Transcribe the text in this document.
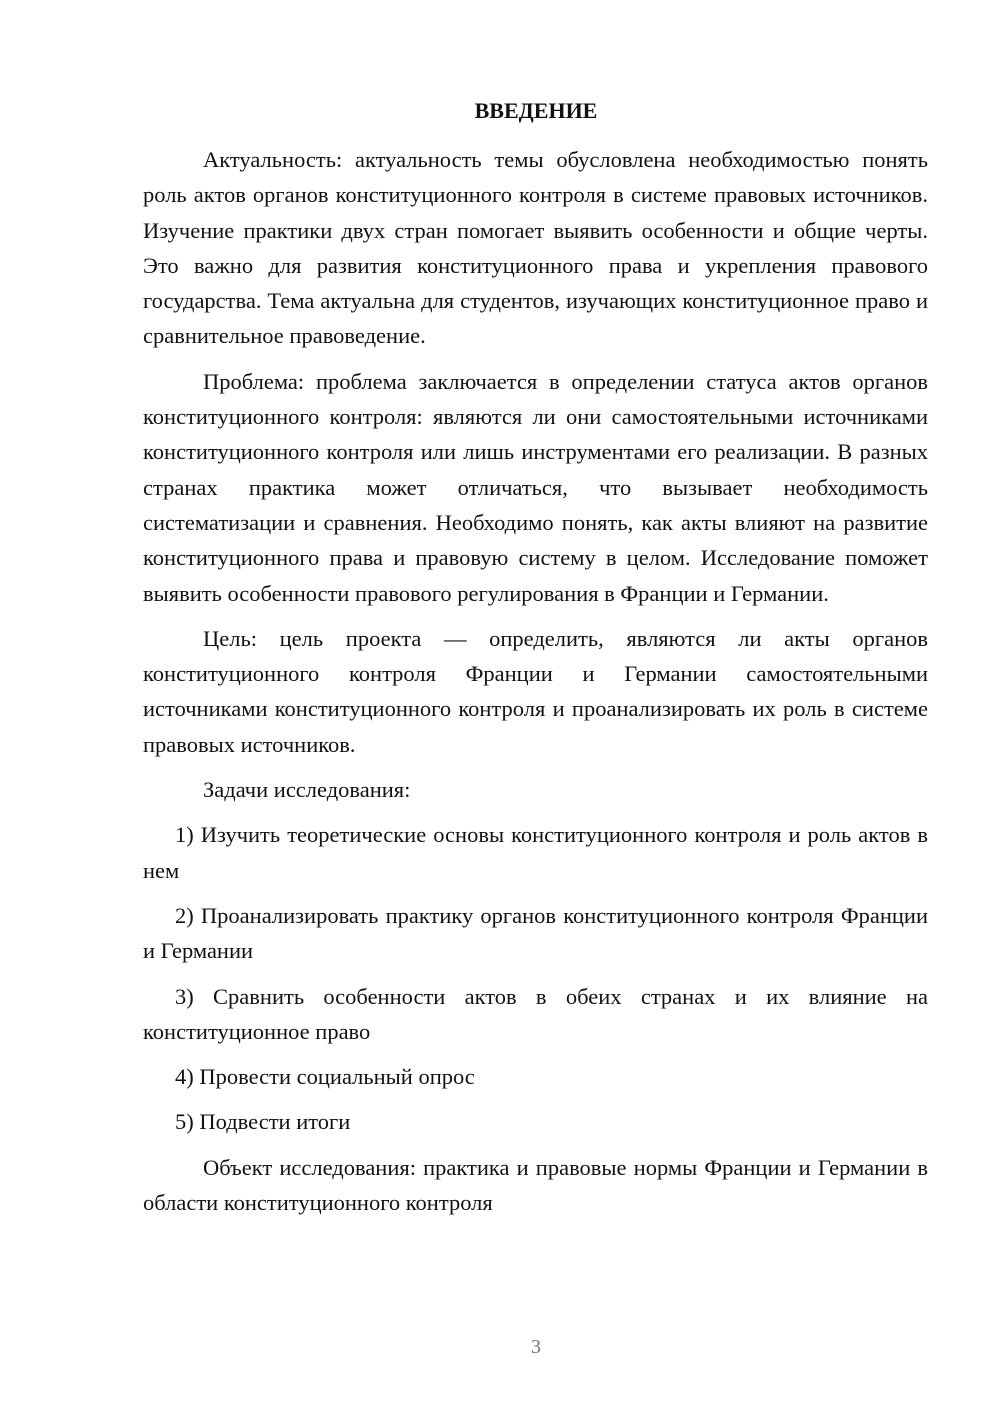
ВВЕДЕНИЕ

Актуальность: актуальность темы обусловлена необходимостью понять роль актов органов конституционного контроля в системе правовых источников. Изучение практики двух стран помогает выявить особенности и общие черты. Это важно для развития конституционного права и укрепления правового государства. Тема актуальна для студентов, изучающих конституционное право и сравнительное правоведение.

Проблема: проблема заключается в определении статуса актов органов конституционного контроля: являются ли они самостоятельными источниками конституционного контроля или лишь инструментами его реализации. В разных странах практика может отличаться, что вызывает необходимость систематизации и сравнения. Необходимо понять, как акты влияют на развитие конституционного права и правовую систему в целом. Исследование поможет выявить особенности правового регулирования в Франции и Германии.

Цель: цель проекта — определить, являются ли акты органов конституционного контроля Франции и Германии самостоятельными источниками конституционного контроля и проанализировать их роль в системе правовых источников.

Задачи исследования:

1) Изучить теоретические основы конституционного контроля и роль актов в нем

2) Проанализировать практику органов конституционного контроля Франции и Германии

3) Сравнить особенности актов в обеих странах и их влияние на конституционное право

4) Провести социальный опрос

5) Подвести итоги

Объект исследования: практика и правовые нормы Франции и Германии в области конституционного контроля

3
